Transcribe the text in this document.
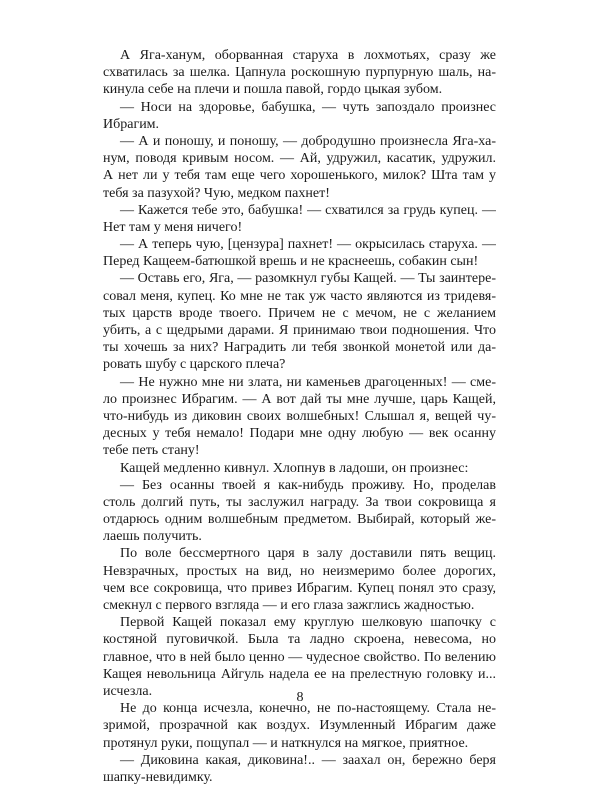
А Яга-ханум, оборванная старуха в лохмотьях, сразу же
схватилась за шелка. Цапнула роскошную пурпурную шаль, на-
кинула себе на плечи и пошла павой, гордо цыкая зубом.
— Носи на здоровье, бабушка, — чуть запоздало произнес
Ибрагим.
— А и поношу, и поношу, — добродушно произнесла Яга-ха-
нум, поводя кривым носом. — Ай, удружил, касатик, удружил.
А нет ли у тебя там еще чего хорошенького, милок? Штa там у
тебя за пазухой? Чую, медком пахнет!
— Кажется тебе это, бабушка! — схватился за грудь купец. —
Нет там у меня ничего!
— А теперь чую, [цензура] пахнет! — окрысилась старуха. —
Перед Кащеем-батюшкой врешь и не краснеешь, собакин сын!
— Оставь его, Яга, — разомкнул губы Кащей. — Ты заинтере-
совал меня, купец. Ко мне не так уж часто являются из тридевя-
тых царств вроде твоего. Причем не с мечом, не с желанием
убить, а с щедрыми дарами. Я принимаю твои подношения. Что
ты хочешь за них? Наградить ли тебя звонкой монетой или да-
ровать шубу с царского плеча?
— Не нужно мне ни злата, ни каменьев драгоценных! — сме-
ло произнес Ибрагим. — А вот дай ты мне лучше, царь Кащей,
что-нибудь из диковин своих волшебных! Слышал я, вещей чу-
десных у тебя немало! Подари мне одну любую — век осанну
тебе петь стану!
Кащей медленно кивнул. Хлопнув в ладоши, он произнес:
— Без осанны твоей я как-нибудь проживу. Но, проделав
столь долгий путь, ты заслужил награду. За твои сокровища я
отдарюсь одним волшебным предметом. Выбирай, который же-
лаешь получить.
По воле бессмертного царя в залу доставили пять вещиц.
Невзрачных, простых на вид, но неизмеримо более дорогих,
чем все сокровища, что привез Ибрагим. Купец понял это сразу,
смекнул с первого взгляда — и его глаза зажглись жадностью.
Первой Кащей показал ему круглую шелковую шапочку с
костяной пуговичкой. Была та ладно скроена, невесома, но
главное, что в ней было ценно — чудесное свойство. По велению
Кащея невольница Айгуль надела ее на прелестную головку и...
исчезла.
Не до конца исчезла, конечно, не по-настоящему. Стала не-
зримой, прозрачной как воздух. Изумленный Ибрагим даже
протянул руки, пощупал — и наткнулся на мягкое, приятное.
— Диковина какая, диковина!.. — заахал он, бережно беря
шапку-невидимку.
8
